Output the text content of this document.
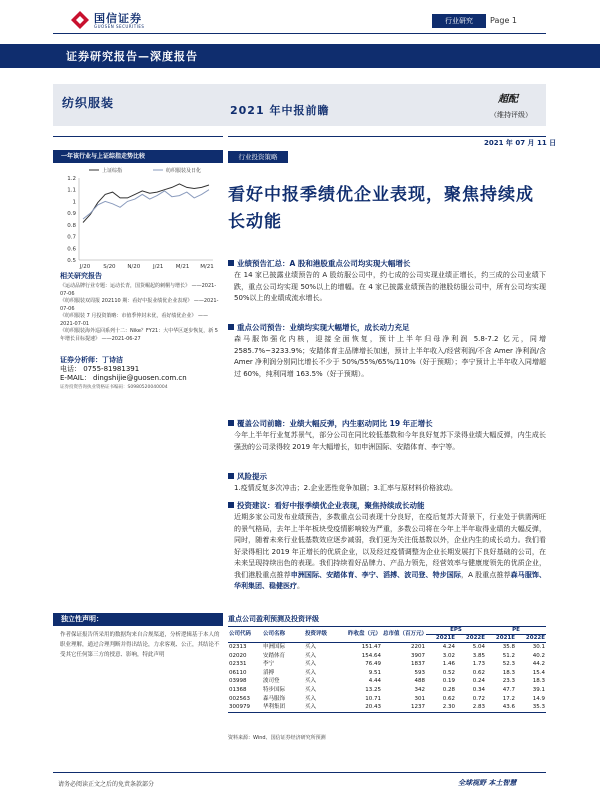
国信证券
GUOSEN SECURITIES
行业研究	Page 1
证券研究报告—深度报告
纺织服装
2021 年中报前瞻
超配
（维持评级）
2021 年 07 月 11 日
一年该行业与上证综指走势比较
上证综指	纺织服装及日化
1.2
1.1
1
0.9
0.8
0.7
0.6
0.5
J/20 S/20 N/20 J/21 M/21 M/21
相关研究报告
《运动品牌行业专题：运动长青，国货崛起的刺桐与增长》 ——2021-07-06
《纺织服装双周报 202110 期：看好中报业绩优企业表现》 ——2021-07-06
《纺织服装 7 月投资策略：市值季仲封未优，看好绩优企业》 ——2021-07-01
《纺织服装海外巡回系列十二：Nike？FY21：大中华区逐步恢复，新 5 年增长目标提速》 ——2021-06-27
证券分析师：丁诗洁
电话： 0755-81981391
E-MAIL： dingshijie@guosen.com.cn
证券投资咨询执业资格证书编码：S0980520040004
独立性声明：
作者保证报告所采用的数据均来自合规渠道，分析逻辑基于本人的职业理解，通过合理判断并得出结论，力求客观、公正，其结论不受其它任何第三方的授意、影响，特此声明
行业投资策略
看好中报季绩优企业表现，聚焦持续成长动能
业绩预告汇总：A 股和港股重点公司均实现大幅增长
在 14 家已披露业绩预告的 A 股纺服公司中，约七成的公司实现业绩正增长，约三成的公司业绩下跌，重点公司均实现 50%以上的增幅。在 4 家已披露业绩预告的港股纺服公司中，所有公司均实现 50%以上的业绩成流水增长。
重点公司预告：业绩均实现大幅增长，成长动力充足
森马服饰强化内核，迎接全面恢复，预计上半年归母净利润 5.8-7.2 亿元，同增 2585.7%~3233.9%；安踏体育主品牌增长加速，预计上半年收入/经营利润/不含 Amer 净利润/含 Amer 净利润分别同比增长不少于 50%/55%/65%/110%（好于预期）；李宁预计上半年收入同增超过 60%，纯利同增 163.5%（好于预期）。
覆盖公司前瞻：业绩大幅反弹，内生驱动同比 19 年正增长
今年上半年行业复苏景气，部分公司在同比较低基数和今年良好复苏下录得业绩大幅反弹，内生成长强劲的公司录得较 2019 年大幅增长，如申洲国际、安踏体育、李宁等。
风险提示
1.疫情反复多次冲击；2.企业恶性竞争加剧；3.汇率与原材料价格波动。
投资建议：看好中报季绩优企业表现，聚焦持续成长动能
近期多家公司发布业绩预告，多数重点公司表现十分良好，在疫后复苏大背景下，行业处于供需两旺的景气格局，去年上半年板块受疫情影响较为严重，多数公司将在今年上半年取得业绩的大幅反弹，同时，随着未来行业低基数效应逐步减弱，我们更为关注低基数以外，企业内生的成长动力。我们看好录得相比 2019 年正增长的优质企业，以及经过疫情调整为企业长期发展打下良好基础的公司，在未来呈现持续出色的表现。我们持续看好品牌力、产品力领先，经营效率与健康度领先的优质企业，我们港股重点推荐申洲国际、安踏体育、李宁、滔搏、波司登、特步国际，A 股重点推荐森马服饰、华利集团、稳健医疗。
重点公司盈利预测及投资评级
公司代码	公司名称	投资评级	昨收盘（元）	总市值（百万元）	EPS		PE	
					2021E	2022E	2021E	2022E
02313	申洲国际	买入	151.47	2201	4.24	5.04	35.8	30.1
02020	安踏体育	买入	154.64	3907	3.02	3.85	51.2	40.2
02331	李宁	买入	76.49	1837	1.46	1.73	52.3	44.2
06110	滔搏	买入	9.51	593	0.52	0.62	18.3	15.4
03998	波司登	买入	4.44	488	0.19	0.24	23.3	18.3
01368	特步国际	买入	13.25	342	0.28	0.34	47.7	39.1
002563	森马服饰	买入	10.71	301	0.62	0.72	17.2	14.9
300979	华利集团	买入	20.43	1237	2.30	2.83	43.6	35.3
资料来源：Wind、国信证券经济研究所预测
请务必阅读正文之后的免责条款部分	全球视野 本土智慧
